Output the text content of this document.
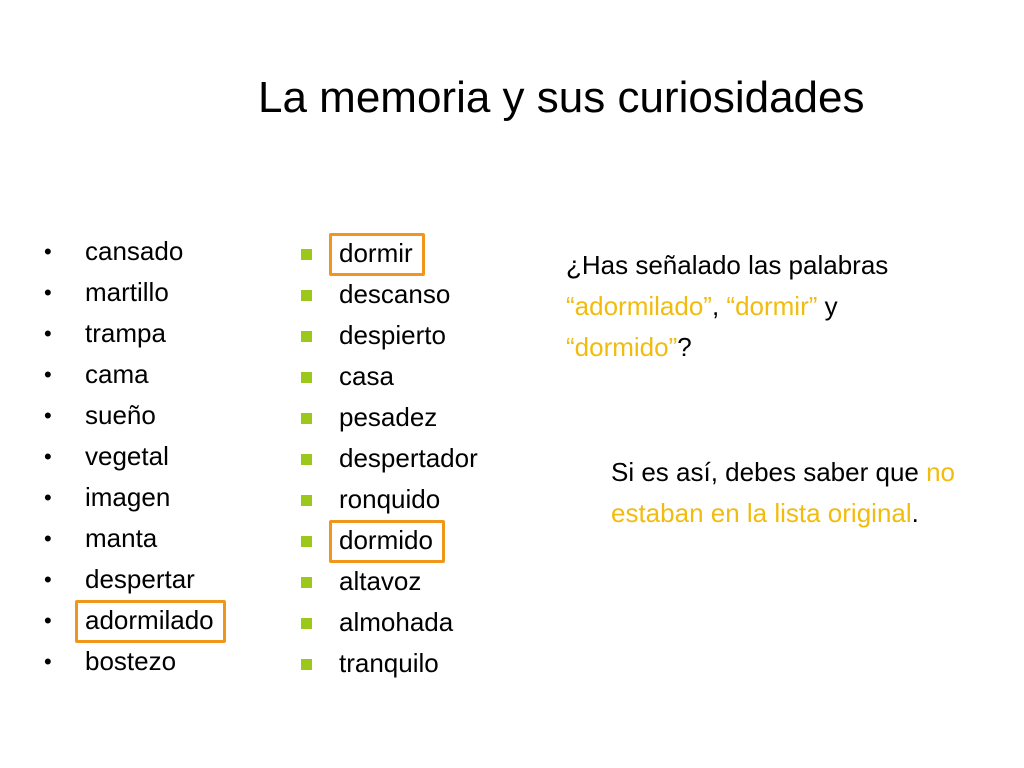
La memoria y sus curiosidades
• cansado
• martillo
• trampa
• cama
• sueño
• vegetal
• imagen
• manta
• despertar
• adormilado
• bostezo
dormir
descanso
despierto
casa
pesadez
despertador
ronquido
dormido
altavoz
almohada
tranquilo

¿Has señalado las palabras “adormilado”, “dormir” y “dormido”?

Si es así, debes saber que no estaban en la lista original.
